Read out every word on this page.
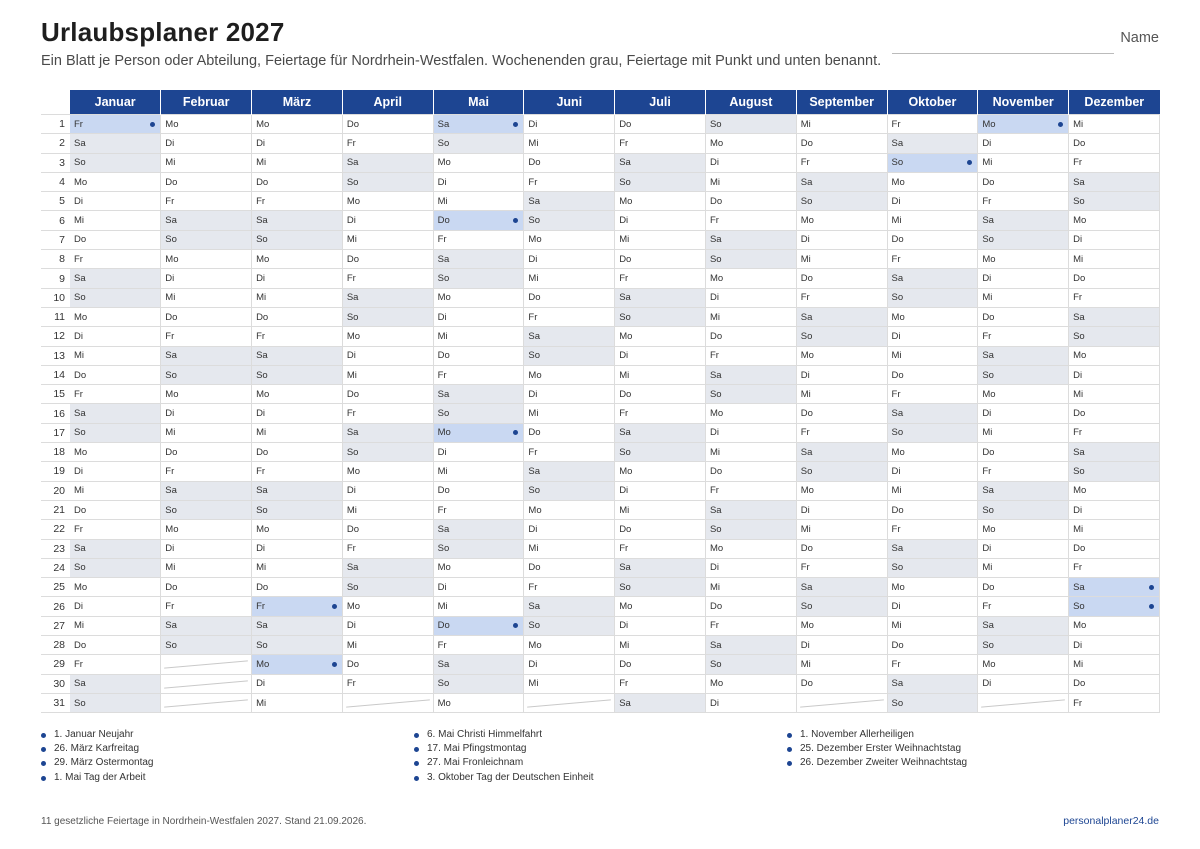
Urlaubsplaner 2027

Ein Blatt je Person oder Abteilung, Feiertage für Nordrhein-Westfalen. Wochenenden grau, Feiertage mit Punkt und unten benannt.

Name
	Januar	Februar	März	April	Mai	Juni	Juli	August	September	Oktober	November	Dezember
1	Fr	Mo	Mo	Do	Sa	Di	Do	So	Mi	Fr	Mo	Mi
2	Sa	Di	Di	Fr	So	Mi	Fr	Mo	Do	Sa	Di	Do
3	So	Mi	Mi	Sa	Mo	Do	Sa	Di	Fr	So	Mi	Fr
4	Mo	Do	Do	So	Di	Fr	So	Mi	Sa	Mo	Do	Sa
5	Di	Fr	Fr	Mo	Mi	Sa	Mo	Do	So	Di	Fr	So
6	Mi	Sa	Sa	Di	Do	So	Di	Fr	Mo	Mi	Sa	Mo
7	Do	So	So	Mi	Fr	Mo	Mi	Sa	Di	Do	So	Di
8	Fr	Mo	Mo	Do	Sa	Di	Do	So	Mi	Fr	Mo	Mi
9	Sa	Di	Di	Fr	So	Mi	Fr	Mo	Do	Sa	Di	Do
10	So	Mi	Mi	Sa	Mo	Do	Sa	Di	Fr	So	Mi	Fr
11	Mo	Do	Do	So	Di	Fr	So	Mi	Sa	Mo	Do	Sa
12	Di	Fr	Fr	Mo	Mi	Sa	Mo	Do	So	Di	Fr	So
13	Mi	Sa	Sa	Di	Do	So	Di	Fr	Mo	Mi	Sa	Mo
14	Do	So	So	Mi	Fr	Mo	Mi	Sa	Di	Do	So	Di
15	Fr	Mo	Mo	Do	Sa	Di	Do	So	Mi	Fr	Mo	Mi
16	Sa	Di	Di	Fr	So	Mi	Fr	Mo	Do	Sa	Di	Do
17	So	Mi	Mi	Sa	Mo	Do	Sa	Di	Fr	So	Mi	Fr
18	Mo	Do	Do	So	Di	Fr	So	Mi	Sa	Mo	Do	Sa
19	Di	Fr	Fr	Mo	Mi	Sa	Mo	Do	So	Di	Fr	So
20	Mi	Sa	Sa	Di	Do	So	Di	Fr	Mo	Mi	Sa	Mo
21	Do	So	So	Mi	Fr	Mo	Mi	Sa	Di	Do	So	Di
22	Fr	Mo	Mo	Do	Sa	Di	Do	So	Mi	Fr	Mo	Mi
23	Sa	Di	Di	Fr	So	Mi	Fr	Mo	Do	Sa	Di	Do
24	So	Mi	Mi	Sa	Mo	Do	Sa	Di	Fr	So	Mi	Fr
25	Mo	Do	Do	So	Di	Fr	So	Mi	Sa	Mo	Do	Sa

26	Di	Fr	Fr	Mo	Mi	Sa	Mo	Do	So	Di	Fr	So

27	Mi	Sa	Sa	Di	Do	So	Di	Fr	Mo	Mi	Sa	Mo
28	Do	So	So	Mi	Fr	Mo	Mi	Sa	Di	Do	So	Di
29	Fr		Mo	Do	Sa	Di	Do	So	Mi	Fr	Mo	Mi
30	Sa		Di	Fr	So	Mi	Fr	Mo	Do	Sa	Di	Do
31	So		Mi		Mo		Sa	Di		So		Fr
1. Januar Neujahr
26. März Karfreitag
29. März Ostermontag
1. Mai Tag der Arbeit
6. Mai Christi Himmelfahrt
17. Mai Pfingstmontag
27. Mai Fronleichnam
3. Oktober Tag der Deutschen Einheit
1. November Allerheiligen
25. Dezember Erster Weihnachtstag
26. Dezember Zweiter Weihnachtstag
11 gesetzliche Feiertage in Nordrhein-Westfalen 2027. Stand 21.09.2026.	personalplaner24.de
